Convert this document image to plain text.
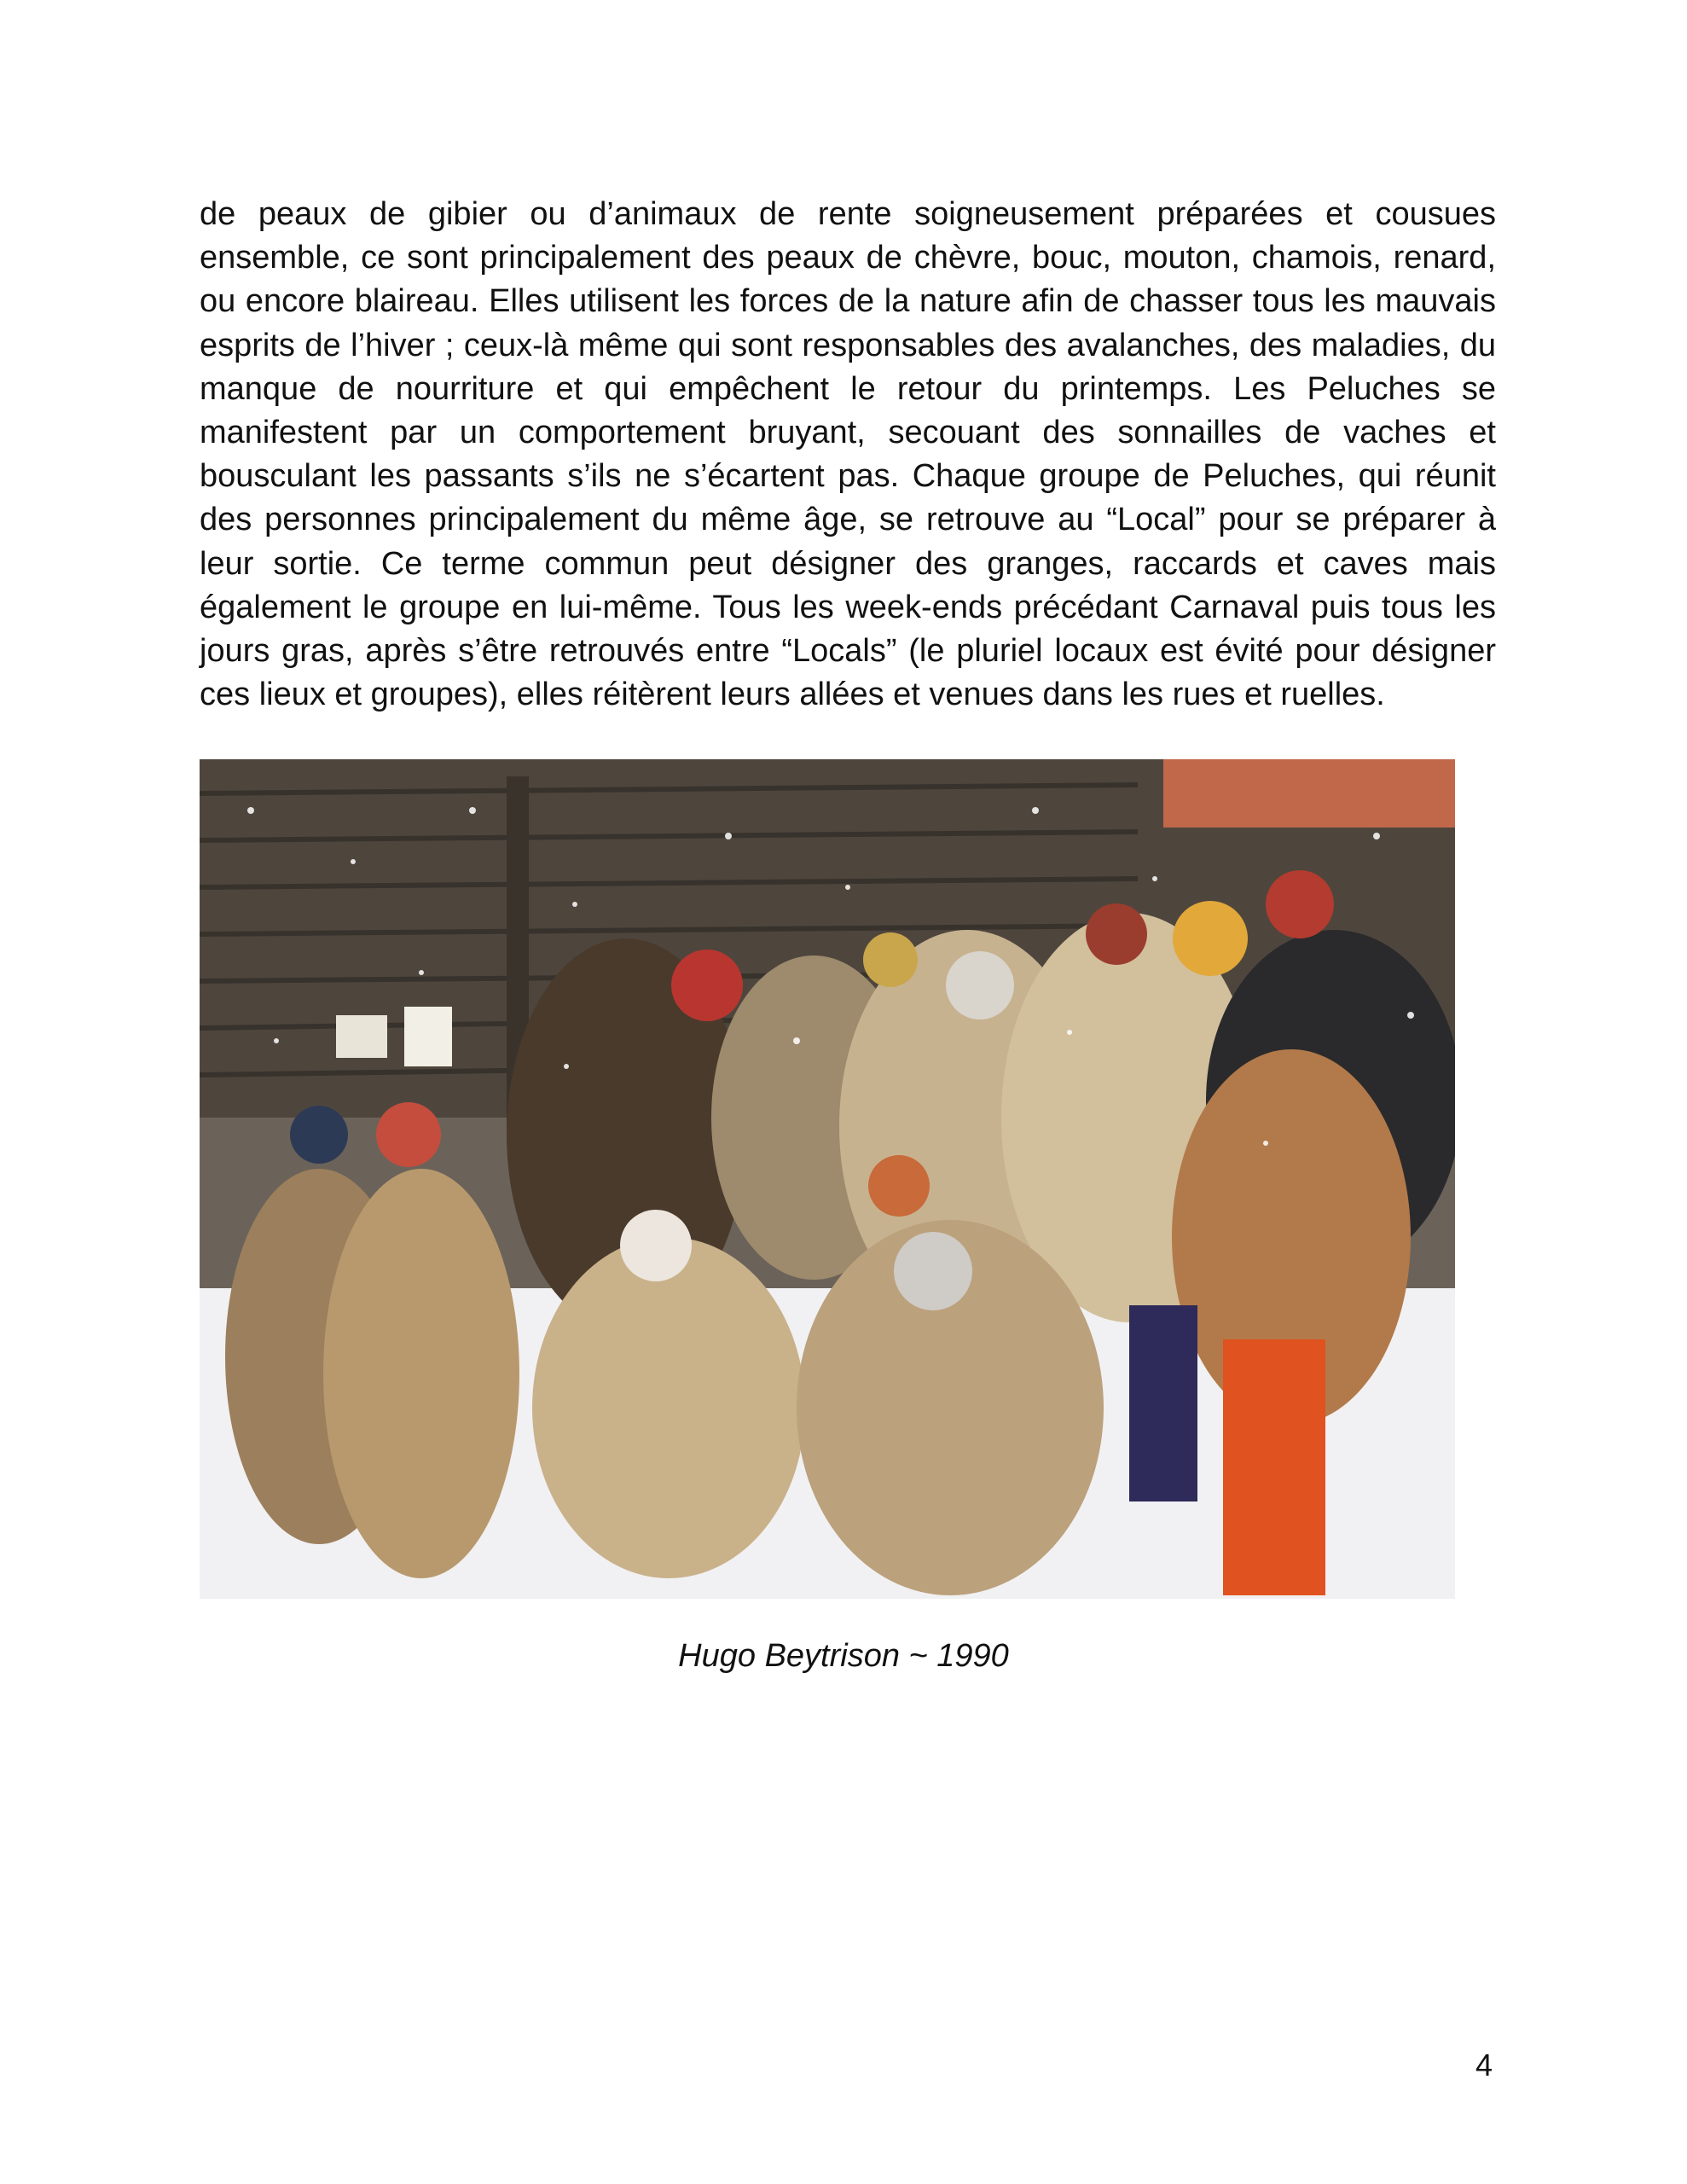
de peaux de gibier ou d’animaux de rente soigneusement préparées et cousues ensemble, ce sont principalement des peaux de chèvre, bouc, mouton, chamois, renard, ou encore blaireau. Elles utilisent les forces de la nature afin de chasser tous les mauvais esprits de l’hiver ; ceux-là même qui sont responsables des avalanches, des maladies, du manque de nourriture et qui empêchent le retour du printemps. Les Peluches se manifestent par un comportement bruyant, secouant des sonnailles de vaches et bousculant les passants s’ils ne s’écartent pas. Chaque groupe de Peluches, qui réunit des personnes principalement du même âge, se retrouve au “Local” pour se préparer à leur sortie. Ce terme commun peut désigner des granges, raccards et caves mais également le groupe en lui-même. Tous les week-ends précédant Carnaval puis tous les jours gras, après s’être retrouvés entre “Locals” (le pluriel locaux est évité pour désigner ces lieux et groupes), elles réitèrent leurs allées et venues dans les rues et ruelles.

Hugo Beytrison ~ 1990
4
